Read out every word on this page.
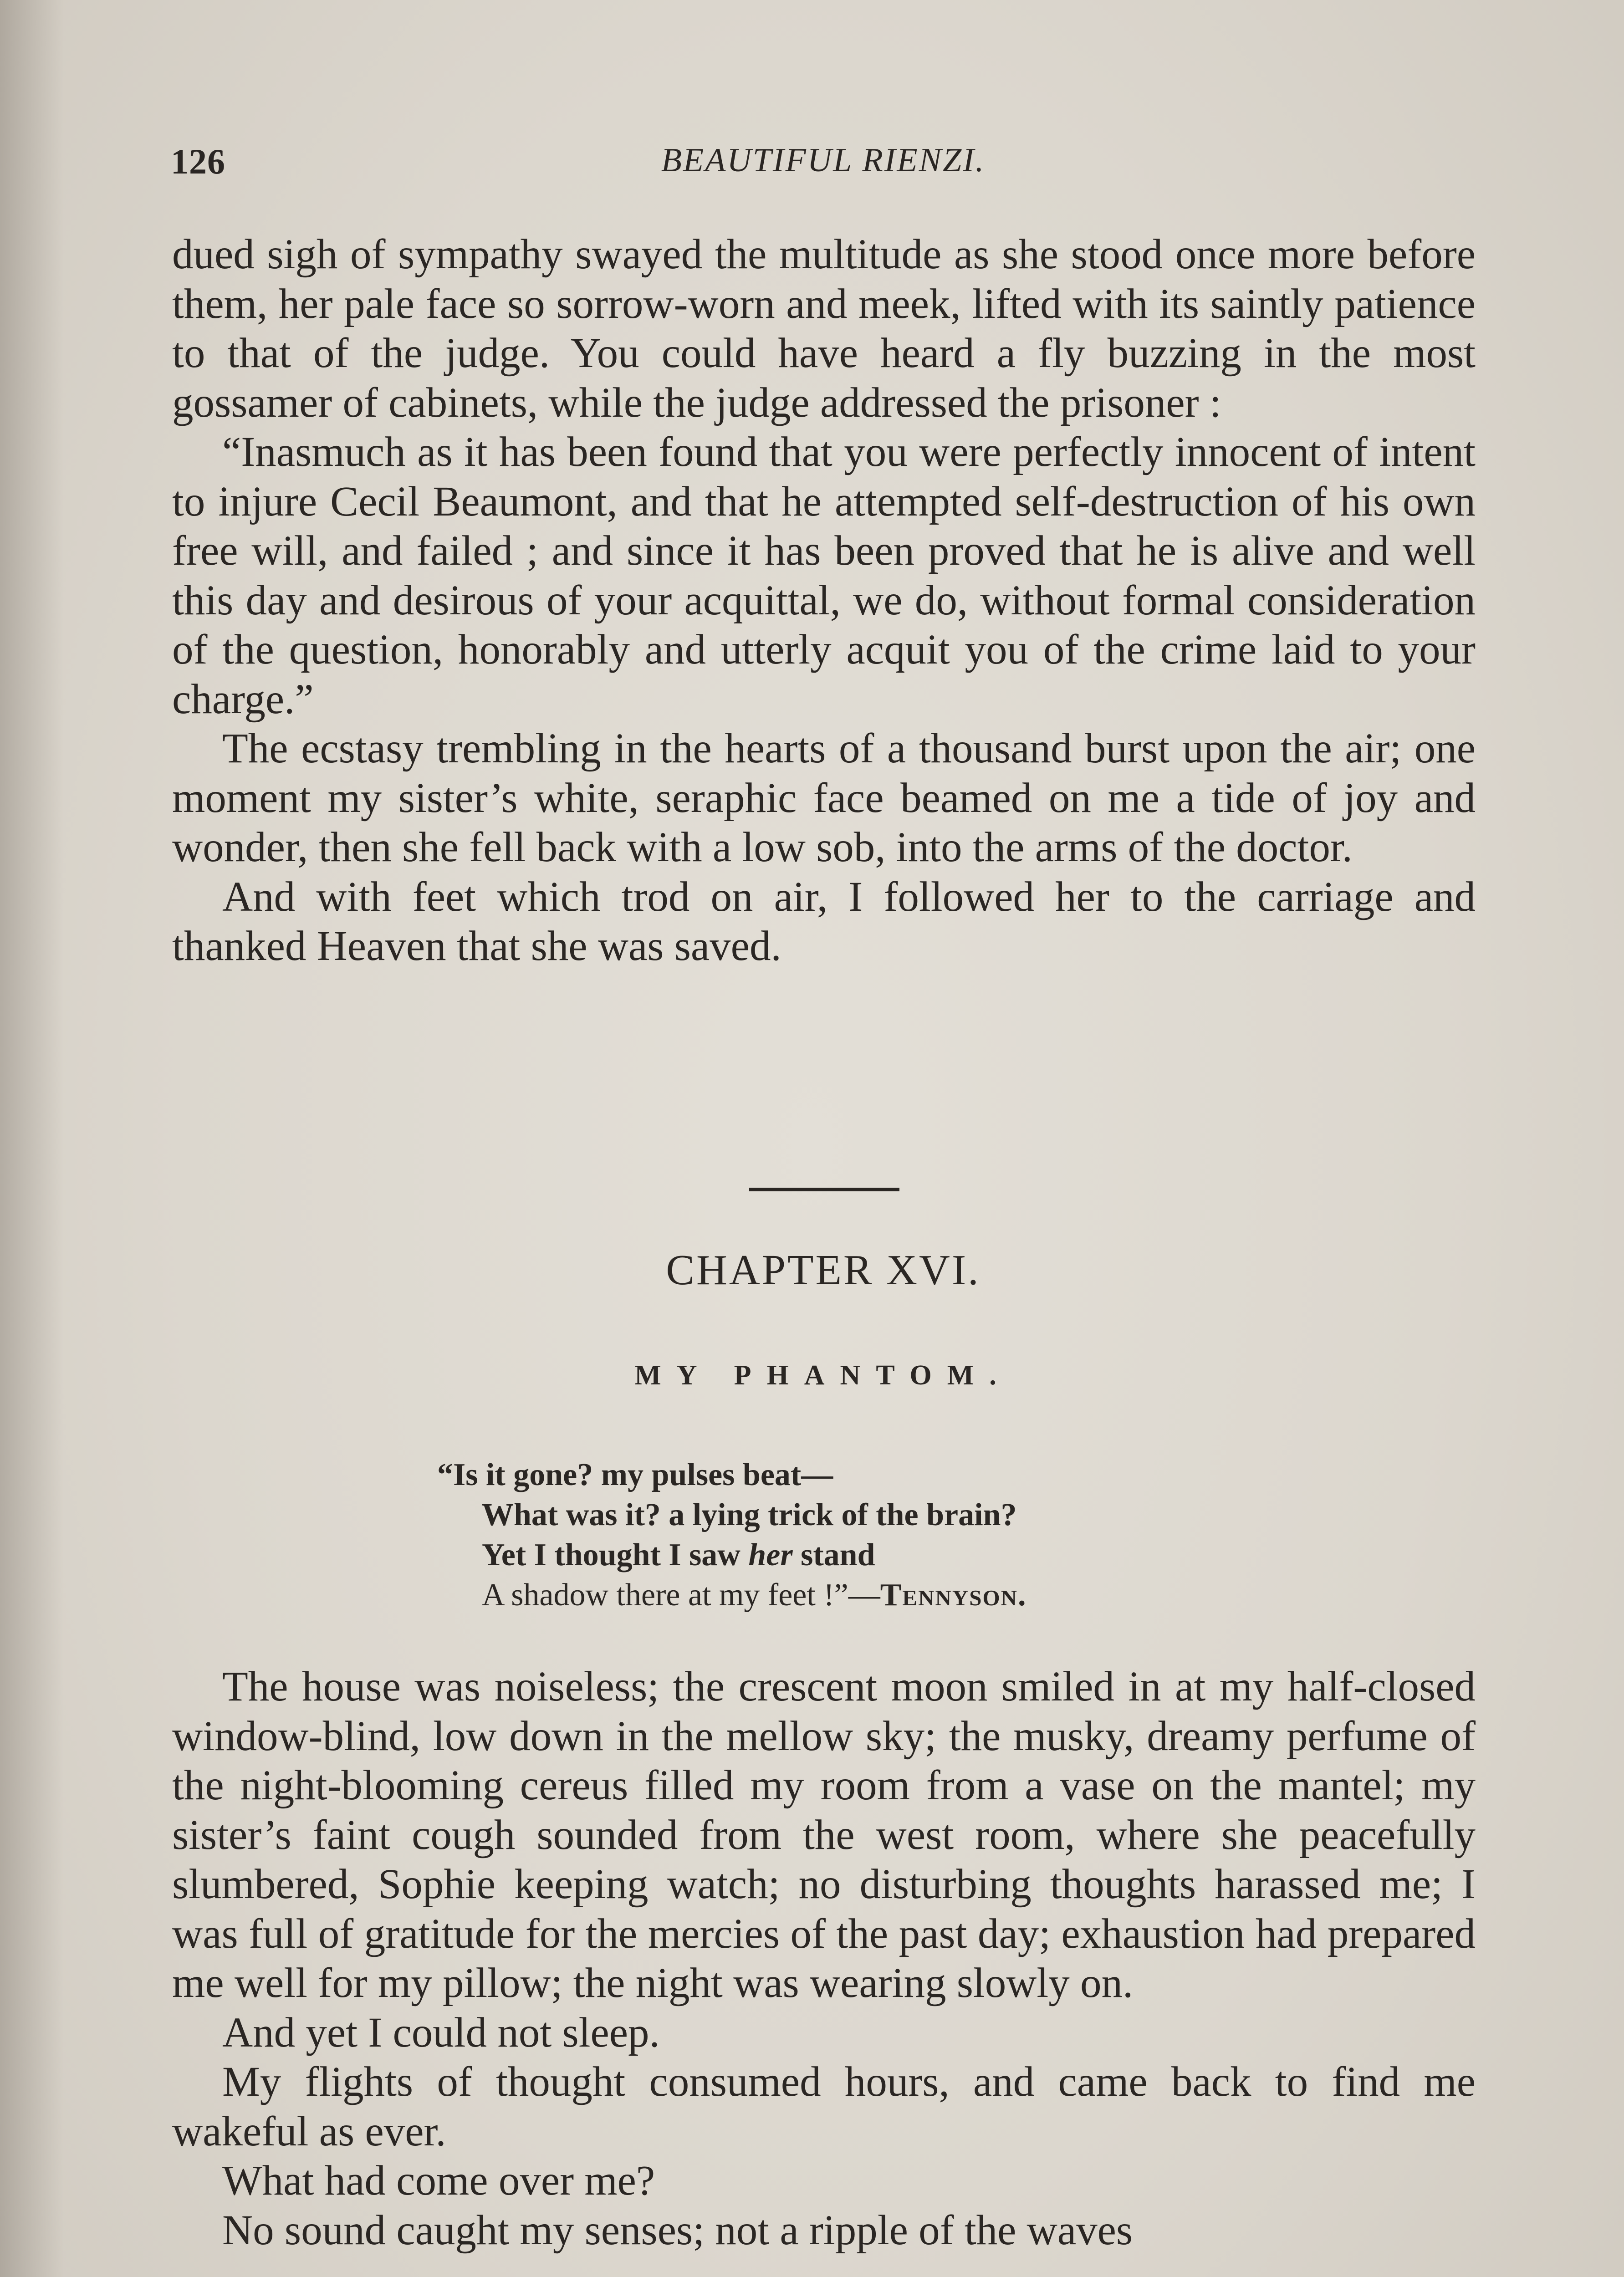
BEAUTIFUL RIENZI.
126

dued sigh of sympathy swayed the multitude as she stood once more before them, her pale face so sorrow-worn and meek, lifted with its saintly patience to that of the judge. You could have heard a fly buzzing in the most gossamer of cabinets, while the judge addressed the prisoner :

“Inasmuch as it has been found that you were perfectly innocent of intent to injure Cecil Beaumont, and that he attempted self-destruction of his own free will, and failed ; and since it has been proved that he is alive and well this day and desirous of your acquittal, we do, without formal consideration of the question, honorably and utterly acquit you of the crime laid to your charge.”

The ecstasy trembling in the hearts of a thousand burst upon the air; one moment my sister’s white, seraphic face beamed on me a tide of joy and wonder, then she fell back with a low sob, into the arms of the doctor.

And with feet which trod on air, I followed her to the carriage and thanked Heaven that she was saved.

CHAPTER XVI.
MY PHANTOM.
“Is it gone? my pulses beat—
What was it? a lying trick of the brain?
Yet I thought I saw her stand
A shadow there at my feet !”—Tennyson.

The house was noiseless; the crescent moon smiled in at my half-closed window-blind, low down in the mellow sky; the musky, dreamy perfume of the night-blooming cereus filled my room from a vase on the mantel; my sister’s faint cough sounded from the west room, where she peacefully slumbered, Sophie keeping watch; no disturbing thoughts harassed me; I was full of gratitude for the mercies of the past day; exhaustion had prepared me well for my pillow; the night was wearing slowly on.

And yet I could not sleep.

My flights of thought consumed hours, and came back to find me wakeful as ever.

What had come over me?

No sound caught my senses; not a ripple of the waves
